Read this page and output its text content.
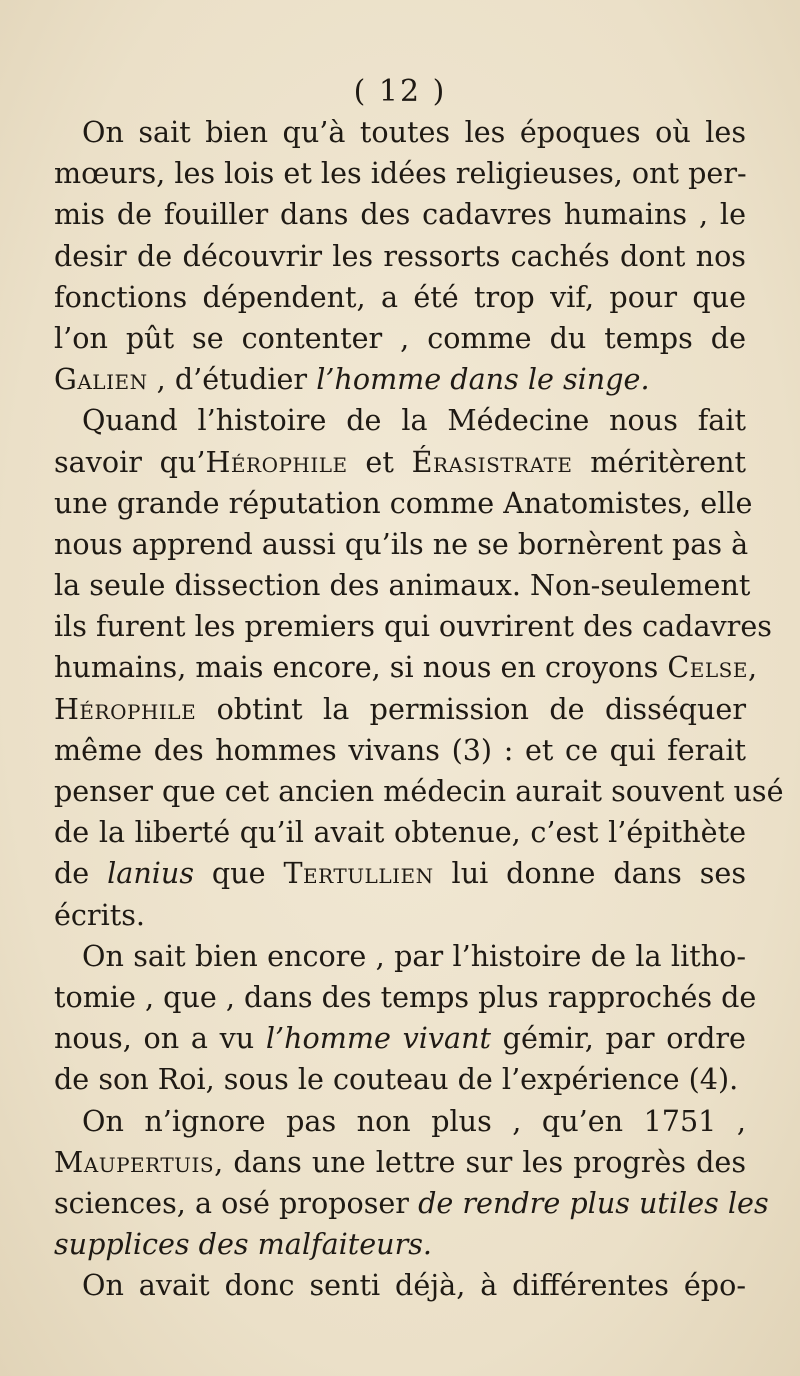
( 12 )
On sait bien qu’à toutes les époques où les
mœurs, les lois et les idées religieuses, ont per-
mis de fouiller dans des cadavres humains , le
desir de découvrir les ressorts cachés dont nos
fonctions dépendent, a été trop vif, pour que
l’on pût se contenter , comme du temps de
Galien , d’étudier l’homme dans le singe.
Quand l’histoire de la Médecine nous fait
savoir qu’Hérophile et Érasistrate méritèrent
une grande réputation comme Anatomistes, elle
nous apprend aussi qu’ils ne se bornèrent pas à
la seule dissection des animaux. Non-seulement
ils furent les premiers qui ouvrirent des cadavres
humains, mais encore, si nous en croyons Celse,
Hérophile obtint la permission de disséquer
même des hommes vivans (3) : et ce qui ferait
penser que cet ancien médecin aurait souvent usé
de la liberté qu’il avait obtenue, c’est l’épithète
de lanius que Tertullien lui donne dans ses
écrits.
On sait bien encore , par l’histoire de la litho-
tomie , que , dans des temps plus rapprochés de
nous, on a vu l’homme vivant gémir, par ordre
de son Roi, sous le couteau de l’expérience (4).
On n’ignore pas non plus , qu’en 1751 ,
Maupertuis, dans une lettre sur les progrès des
sciences, a osé proposer de rendre plus utiles les
supplices des malfaiteurs.
On avait donc senti déjà, à différentes épo-
